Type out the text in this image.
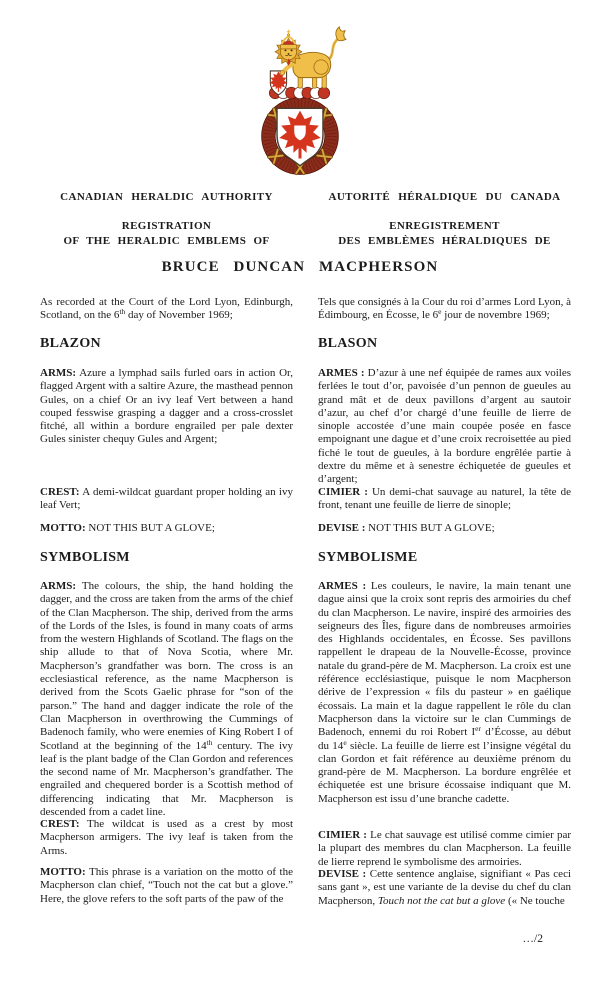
CANADIAN HERALDIC AUTHORITY	AUTORITÉ HÉRALDIQUE DU CANADA
REGISTRATION
OF THE HERALDIC EMBLEMS OF
ENREGISTREMENT
DES EMBLÈMES HÉRALDIQUES DE
BRUCE DUNCAN MACPHERSON

As recorded at the Court of the Lord Lyon, Edinburgh, Scotland, on the 6th day of November 1969;

BLAZON

ARMS: Azure a lymphad sails furled oars in action Or, flagged Argent with a saltire Azure, the masthead pennon Gules, on a chief Or an ivy leaf Vert between a hand couped fesswise grasping a dagger and a cross-crosslet fitché, all within a bordure engrailed per pale dexter Gules sinister chequy Gules and Argent;

CREST: A demi-wildcat guardant proper holding an ivy leaf Vert;

MOTTO: NOT THIS BUT A GLOVE;

SYMBOLISM

ARMS: The colours, the ship, the hand holding the dagger, and the cross are taken from the arms of the chief of the Clan Macpherson. The ship, derived from the arms of the Lords of the Isles, is found in many coats of arms from the western Highlands of Scotland. The flags on the ship allude to that of Nova Scotia, where Mr. Macpherson’s grandfather was born. The cross is an ecclesiastical reference, as the name Macpherson is derived from the Scots Gaelic phrase for “son of the parson.” The hand and dagger indicate the role of the Clan Macpherson in overthrowing the Cummings of Badenoch family, who were enemies of King Robert I of Scotland at the beginning of the 14th century. The ivy leaf is the plant badge of the Clan Gordon and references the second name of Mr. Macpherson’s grandfather. The engrailed and chequered border is a Scottish method of differencing indicating that Mr. Macpherson is descended from a cadet line.

CREST: The wildcat is used as a crest by most Macpherson armigers. The ivy leaf is taken from the Arms.

MOTTO: This phrase is a variation on the motto of the Macpherson clan chief, “Touch not the cat but a glove.” Here, the glove refers to the soft parts of the paw of the

Tels que consignés à la Cour du roi d’armes Lord Lyon, à Édimbourg, en Écosse, le 6e jour de novembre 1969;

BLASON

ARMES : D’azur à une nef équipée de rames aux voiles ferlées le tout d’or, pavoisée d’un pennon de gueules au grand mât et de deux pavillons d’argent au sautoir d’azur, au chef d’or chargé d’une feuille de lierre de sinople accostée d’une main coupée posée en fasce empoignant une dague et d’une croix recroisettée au pied fiché le tout de gueules, à la bordure engrêlée partie à dextre du même et à senestre échiquetée de gueules et d’argent;

CIMIER : Un demi-chat sauvage au naturel, la tête de front, tenant une feuille de lierre de sinople;

DEVISE : NOT THIS BUT A GLOVE;

SYMBOLISME

ARMES : Les couleurs, le navire, la main tenant une dague ainsi que la croix sont repris des armoiries du chef du clan Macpherson. Le navire, inspiré des armoiries des seigneurs des Îles, figure dans de nombreuses armoiries des Highlands occidentales, en Écosse. Ses pavillons rappellent le drapeau de la Nouvelle-Écosse, province natale du grand-père de M. Macpherson. La croix est une référence ecclésiastique, puisque le nom Macpherson dérive de l’expression « fils du pasteur » en gaélique écossais. La main et la dague rappellent le rôle du clan Macpherson dans la victoire sur le clan Cummings de Badenoch, ennemi du roi Robert Ier d’Écosse, au début du 14e siècle. La feuille de lierre est l’insigne végétal du clan Gordon et fait référence au deuxième prénom du grand-père de M. Macpherson. La bordure engrêlée et échiquetée est une brisure écossaise indiquant que M. Macpherson est issu d’une branche cadette.

CIMIER : Le chat sauvage est utilisé comme cimier par la plupart des membres du clan Macpherson. La feuille de lierre reprend le symbolisme des armoiries.

DEVISE : Cette sentence anglaise, signifiant « Pas ceci sans gant », est une variante de la devise du chef du clan Macpherson, Touch not the cat but a glove (« Ne touche

…/2
